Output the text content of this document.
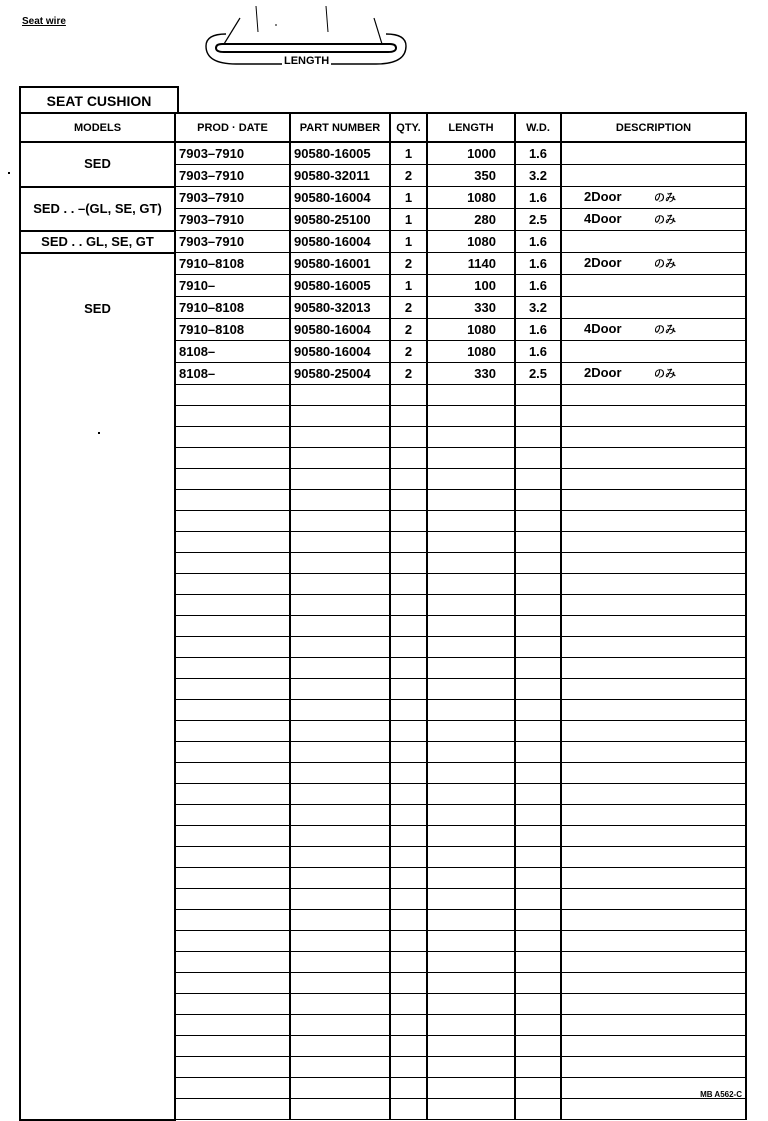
Seat wire
LENGTH
SEAT CUSHION
MODELS	PROD · DATE	PART NUMBER	QTY.	LENGTH	W.D.	DESCRIPTION
SED	7903–7910	90580-16005	1	1000	1.6	
	7903–7910	90580-32011	2	350	3.2	
SED . . –(GL, SE, GT)	7903–7910	90580-16004	1	1080	1.6	2Door のみ
	7903–7910	90580-25100	1	280	2.5	4Door のみ
SED . . GL, SE, GT	7903–7910	90580-16004	1	1080	1.6	
SED	7910–8108	90580-16001	2	1140	1.6	2Door のみ
	7910–	90580-16005	1	100	1.6	
	7910–8108	90580-32013	2	330	3.2	
	7910–8108	90580-16004	2	1080	1.6	4Door のみ
	8108–	90580-16004	2	1080	1.6	
	8108–	90580-25004	2	330	2.5	2Door のみ

MB A562-C
